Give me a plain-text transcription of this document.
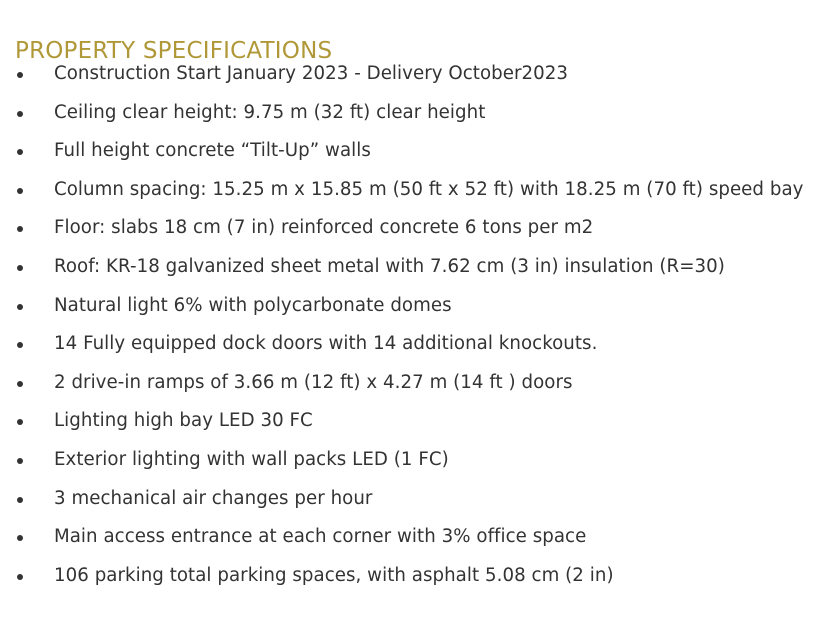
PROPERTY SPECIFICATIONS
Construction Start January 2023 - Delivery October2023
Ceiling clear height: 9.75 m (32 ft) clear height
Full height concrete “Tilt-Up” walls
Column spacing: 15.25 m x 15.85 m (50 ft x 52 ft) with 18.25 m (70 ft) speed bay
Floor: slabs 18 cm (7 in) reinforced concrete 6 tons per m2
Roof: KR-18 galvanized sheet metal with 7.62 cm (3 in) insulation (R=30)
Natural light 6% with polycarbonate domes
14 Fully equipped dock doors with 14 additional knockouts.
2 drive-in ramps of 3.66 m (12 ft) x 4.27 m (14 ft ) doors
Lighting high bay LED 30 FC
Exterior lighting with wall packs LED (1 FC)
3 mechanical air changes per hour
Main access entrance at each corner with 3% office space
106 parking total parking spaces, with asphalt 5.08 cm (2 in)
